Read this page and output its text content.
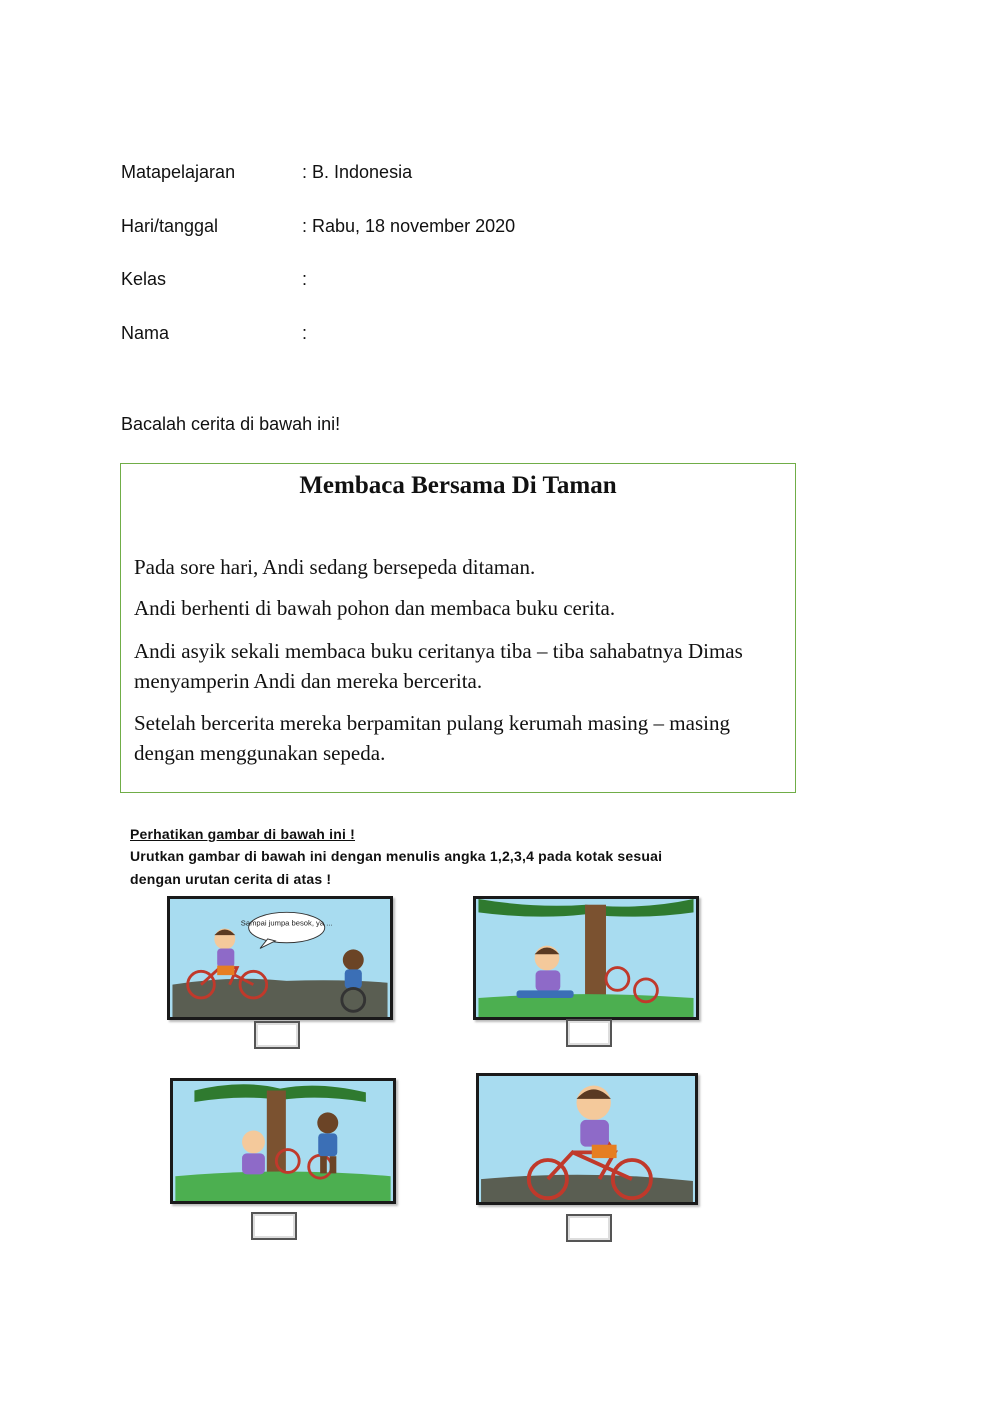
Matapelajaran	: B. Indonesia
Hari/tanggal	: Rabu, 18 november 2020
Kelas	:
Nama	:
Bacalah cerita di bawah ini!
Membaca Bersama Di Taman

Pada sore hari, Andi sedang bersepeda ditaman.

Andi berhenti di bawah pohon dan membaca buku cerita.

Andi asyik sekali membaca buku ceritanya tiba – tiba sahabatnya Dimas menyamperin Andi dan mereka bercerita.

Setelah bercerita mereka berpamitan pulang kerumah masing – masing dengan menggunakan sepeda.

Perhatikan gambar di bawah ini !
Urutkan gambar di bawah ini dengan menulis angka 1,2,3,4 pada kotak sesuai
dengan urutan cerita di atas !
Sampai jumpa besok, ya ...
